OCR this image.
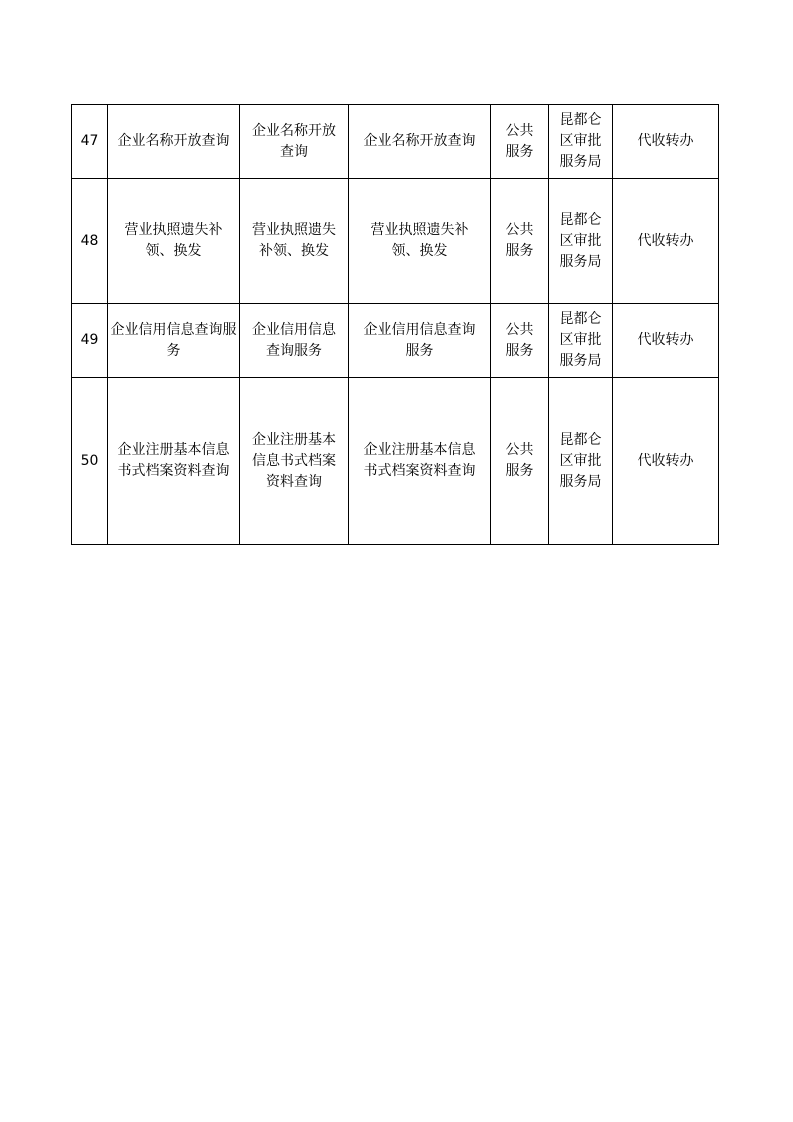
47	企业名称开放查询	企业名称开放查询	企业名称开放查询	公共服务	昆都仑区审批服务局	代收转办
48	营业执照遗失补领、换发	营业执照遗失补领、换发	营业执照遗失补领、换发	公共服务	昆都仑区审批服务局	代收转办
49	企业信用信息查询服务	企业信用信息查询服务	企业信用信息查询服务	公共服务	昆都仑区审批服务局	代收转办
50	企业注册基本信息书式档案资料查询	企业注册基本信息书式档案资料查询	企业注册基本信息书式档案资料查询	公共服务	昆都仑区审批服务局	代收转办
